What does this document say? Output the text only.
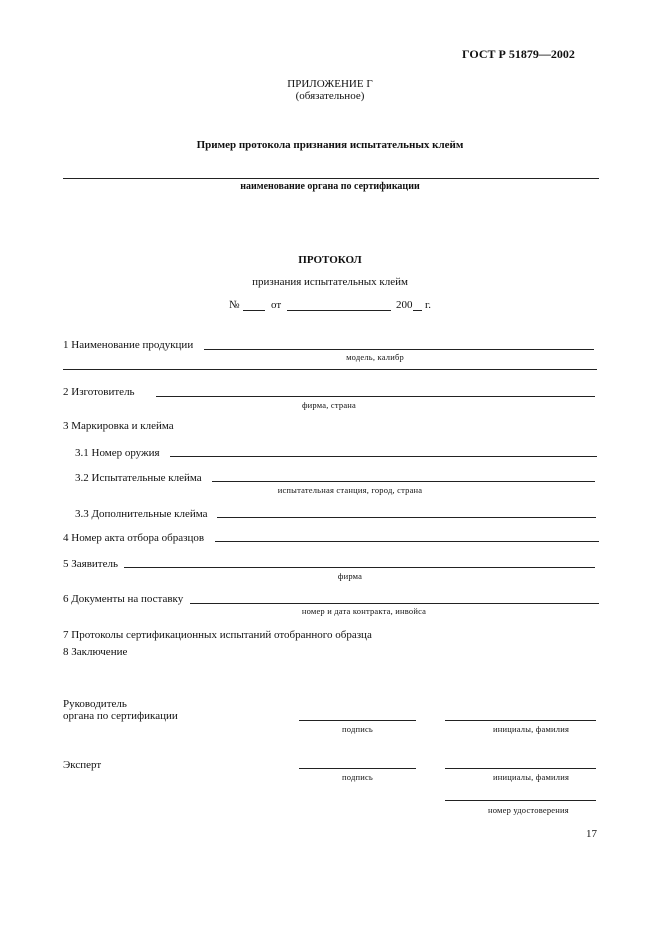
ГОСТ Р 51879—2002
ПРИЛОЖЕНИЕ Г
(обязательное)
Пример протокола признания испытательных клейм
наименование органа по сертификации
ПРОТОКОЛ
признания испытательных клейм
№	от	200 г.
1 Наименование продукции
модель, калибр
2 Изготовитель
фирма, страна
3 Маркировка и клейма
3.1 Номер оружия
3.2 Испытательные клейма
испытательная станция, город, страна
3.3 Дополнительные клейма
4 Номер акта отбора образцов
5 Заявитель
фирма
6 Документы на поставку
номер и дата контракта, инвойса
7 Протоколы сертификационных испытаний отобранного образца
8 Заключение
Руководитель
органа по сертификации
подпись	инициалы, фамилия
Эксперт
подпись	инициалы, фамилия
номер удостоверения
17
